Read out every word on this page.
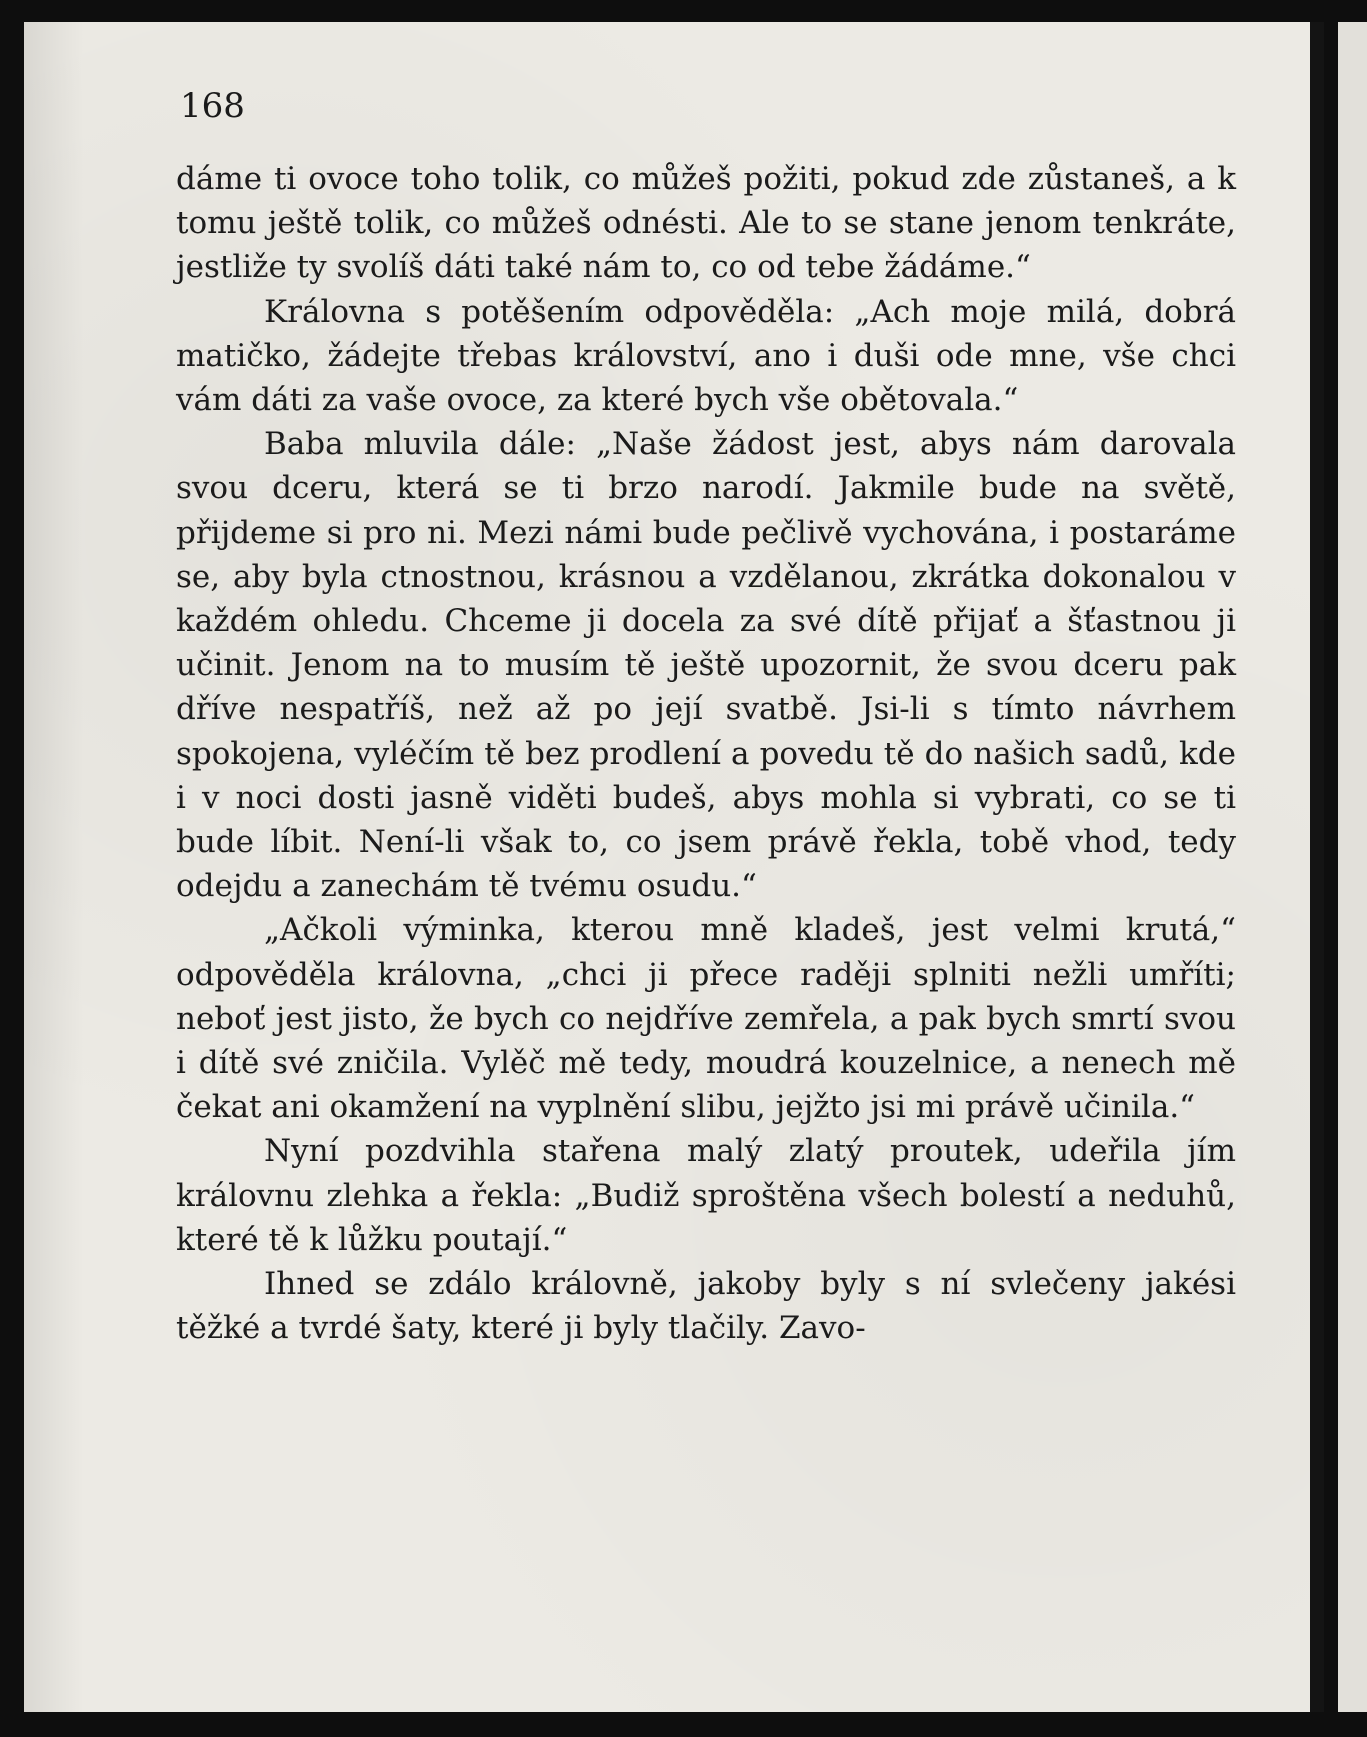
168

dáme ti ovoce toho tolik, co můžeš požiti, pokud zde zůstaneš, a k tomu ještě tolik, co můžeš odnésti. Ale to se stane jenom tenkráte, jestliže ty svolíš dáti také nám to, co od tebe žádáme.“

Královna s potěšením odpověděla: „Ach moje milá, dobrá matičko, žádejte třebas království, ano i duši ode mne, vše chci vám dáti za vaše ovoce, za které bych vše obětovala.“

Baba mluvila dále: „Naše žádost jest, abys nám darovala svou dceru, která se ti brzo narodí. Jakmile bude na světě, přijdeme si pro ni. Mezi námi bude pečlivě vychována, i postaráme se, aby byla ctnostnou, krásnou a vzdělanou, zkrátka dokonalou v každém ohledu. Chceme ji docela za své dítě přijať a šťastnou ji učinit. Jenom na to musím tě ještě upozornit, že svou dceru pak dříve nespatříš, než až po její svatbě. Jsi-li s tímto návrhem spokojena, vyléčím tě bez prodlení a povedu tě do našich sadů, kde i v noci dosti jasně viděti budeš, abys mohla si vybrati, co se ti bude líbit. Není-li však to, co jsem právě řekla, tobě vhod, tedy odejdu a zanechám tě tvému osudu.“

„Ačkoli výminka, kterou mně kladeš, jest velmi krutá,“ odpověděla královna, „chci ji přece raději splniti nežli umříti; neboť jest jisto, že bych co nejdříve zemřela, a pak bych smrtí svou i dítě své zničila. Vylěč mě tedy, moudrá kouzelnice, a nenech mě čekat ani okamžení na vyplnění slibu, jejžto jsi mi právě učinila.“

Nyní pozdvihla stařena malý zlatý proutek, udeřila jím královnu zlehka a řekla: „Budiž sproštěna všech bolestí a neduhů, které tě k lůžku poutají.“

Ihned se zdálo královně, jakoby byly s ní svlečeny jakési těžké a tvrdé šaty, které ji byly tlačily. Zavo-
